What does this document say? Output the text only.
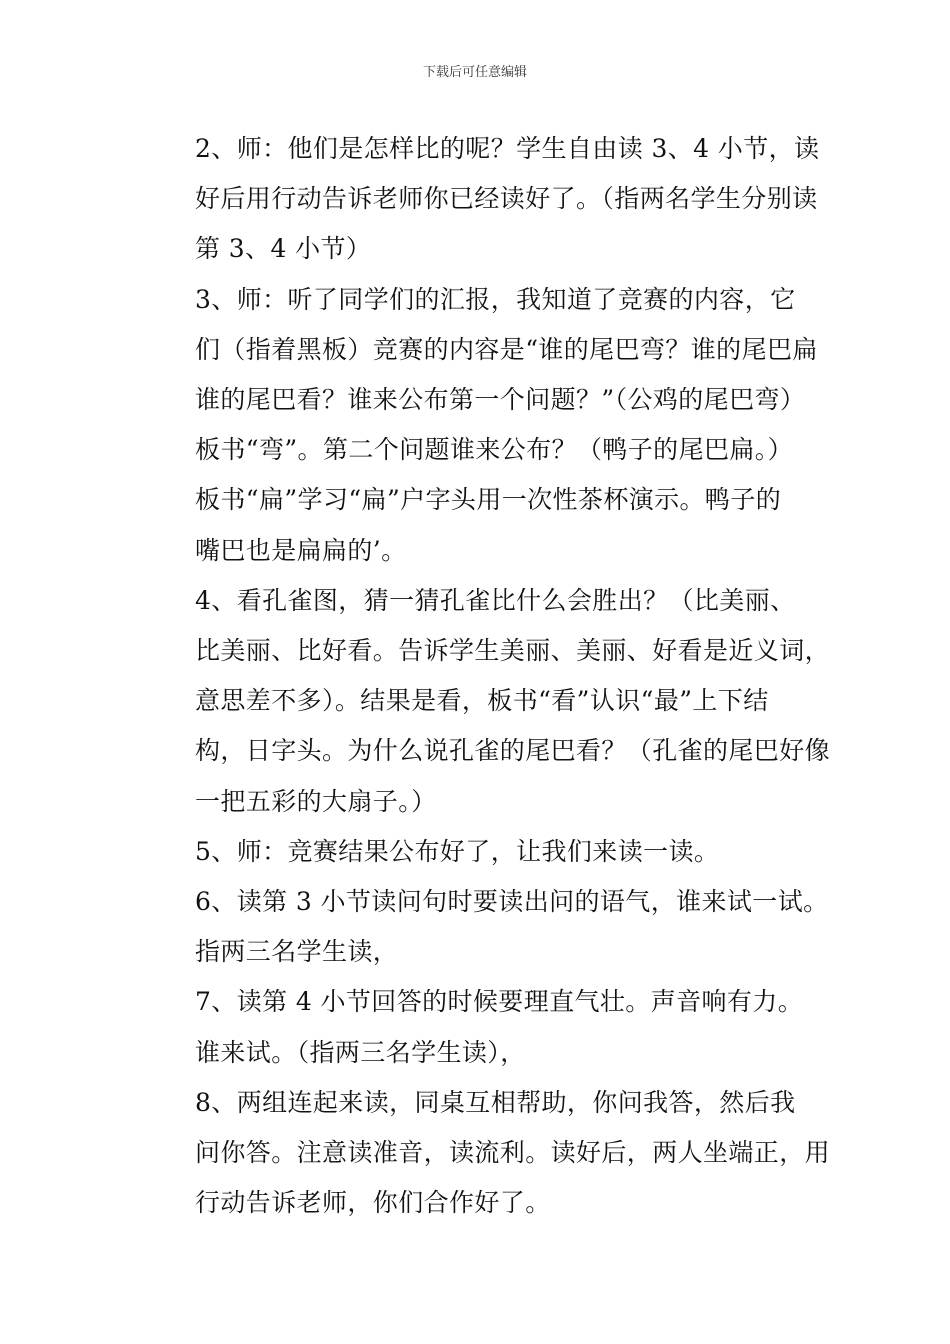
下载后可任意编辑

2、师：他们是怎样比的呢？学生自由读 3、4 小节，读
好后用行动告诉老师你已经读好了。（指两名学生分别读
第 3、4 小节）

3、师：听了同学们的汇报，我知道了竞赛的内容，它
们（指着黑板）竞赛的内容是“谁的尾巴弯？谁的尾巴扁
谁的尾巴看？谁来公布第一个问题？”（公鸡的尾巴弯）
板书“弯”。第二个问题谁来公布？（鸭子的尾巴扁。）
板书“扁”学习“扁”户字头用一次性茶杯演示。鸭子的
嘴巴也是扁扁的’。

4、看孔雀图，猜一猜孔雀比什么会胜出？（比美丽、
比美丽、比好看。告诉学生美丽、美丽、好看是近义词，
意思差不多）。结果是看，板书“看”认识“最”上下结
构，日字头。为什么说孔雀的尾巴看？（孔雀的尾巴好像
一把五彩的大扇子。）

5、师：竞赛结果公布好了，让我们来读一读。

6、读第 3 小节读问句时要读出问的语气，谁来试一试。
指两三名学生读，

7、读第 4 小节回答的时候要理直气壮。声音响有力。
谁来试。（指两三名学生读），

8、两组连起来读，同桌互相帮助，你问我答，然后我
问你答。注意读准音，读流利。读好后，两人坐端正，用
行动告诉老师，你们合作好了。
